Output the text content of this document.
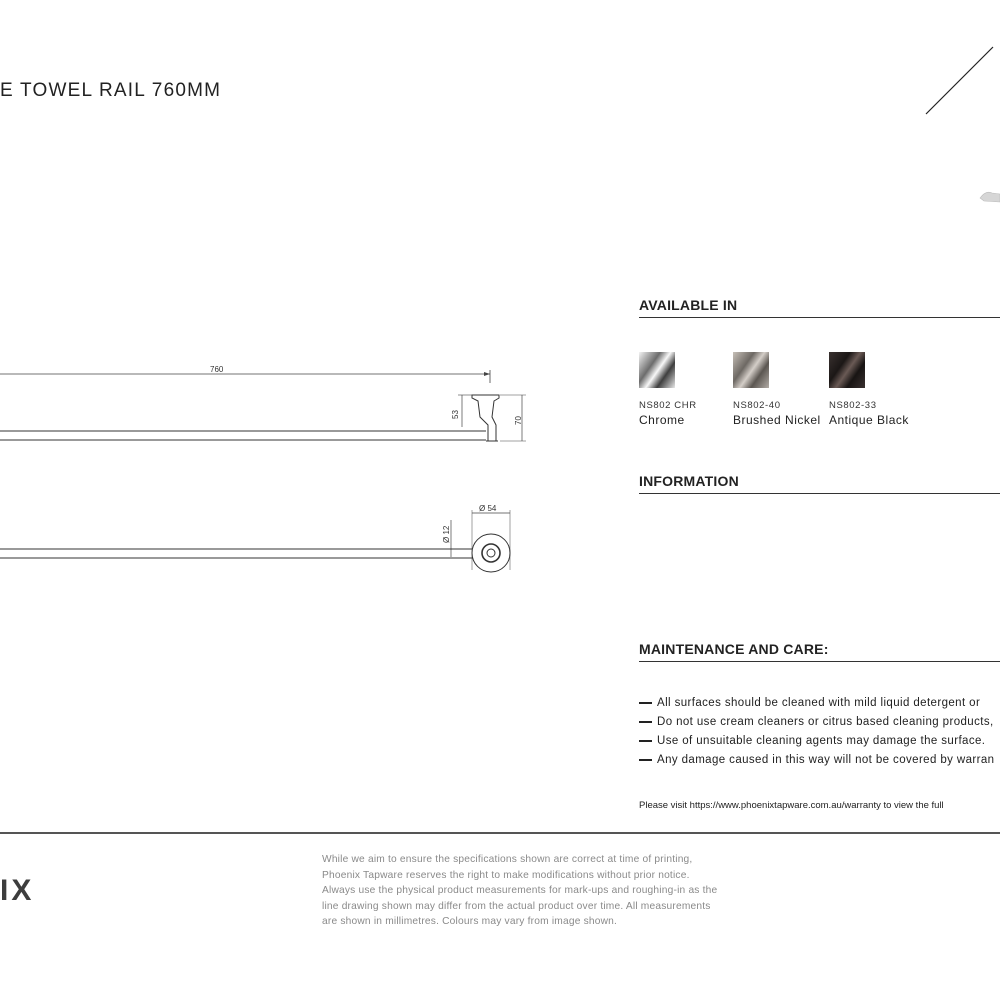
E TOWEL RAIL 760MM
760
53
70
Ø 54
Ø 12
AVAILABLE IN
NS802 CHR
Chrome
NS802-40
Brushed Nickel
NS802-33
Antique Black
INFORMATION
MAINTENANCE AND CARE:
All surfaces should be cleaned with mild liquid detergent or
Do not use cream cleaners or citrus based cleaning products,
Use of unsuitable cleaning agents may damage the surface.
Any damage caused in this way will not be covered by warran
Please visit https://www.phoenixtapware.com.au/warranty to view the full
IX
While we aim to ensure the specifications shown are correct at time of printing,
Phoenix Tapware reserves the right to make modifications without prior notice.
Always use the physical product measurements for mark-ups and roughing-in as the
line drawing shown may differ from the actual product over time. All measurements
are shown in millimetres. Colours may vary from image shown.
